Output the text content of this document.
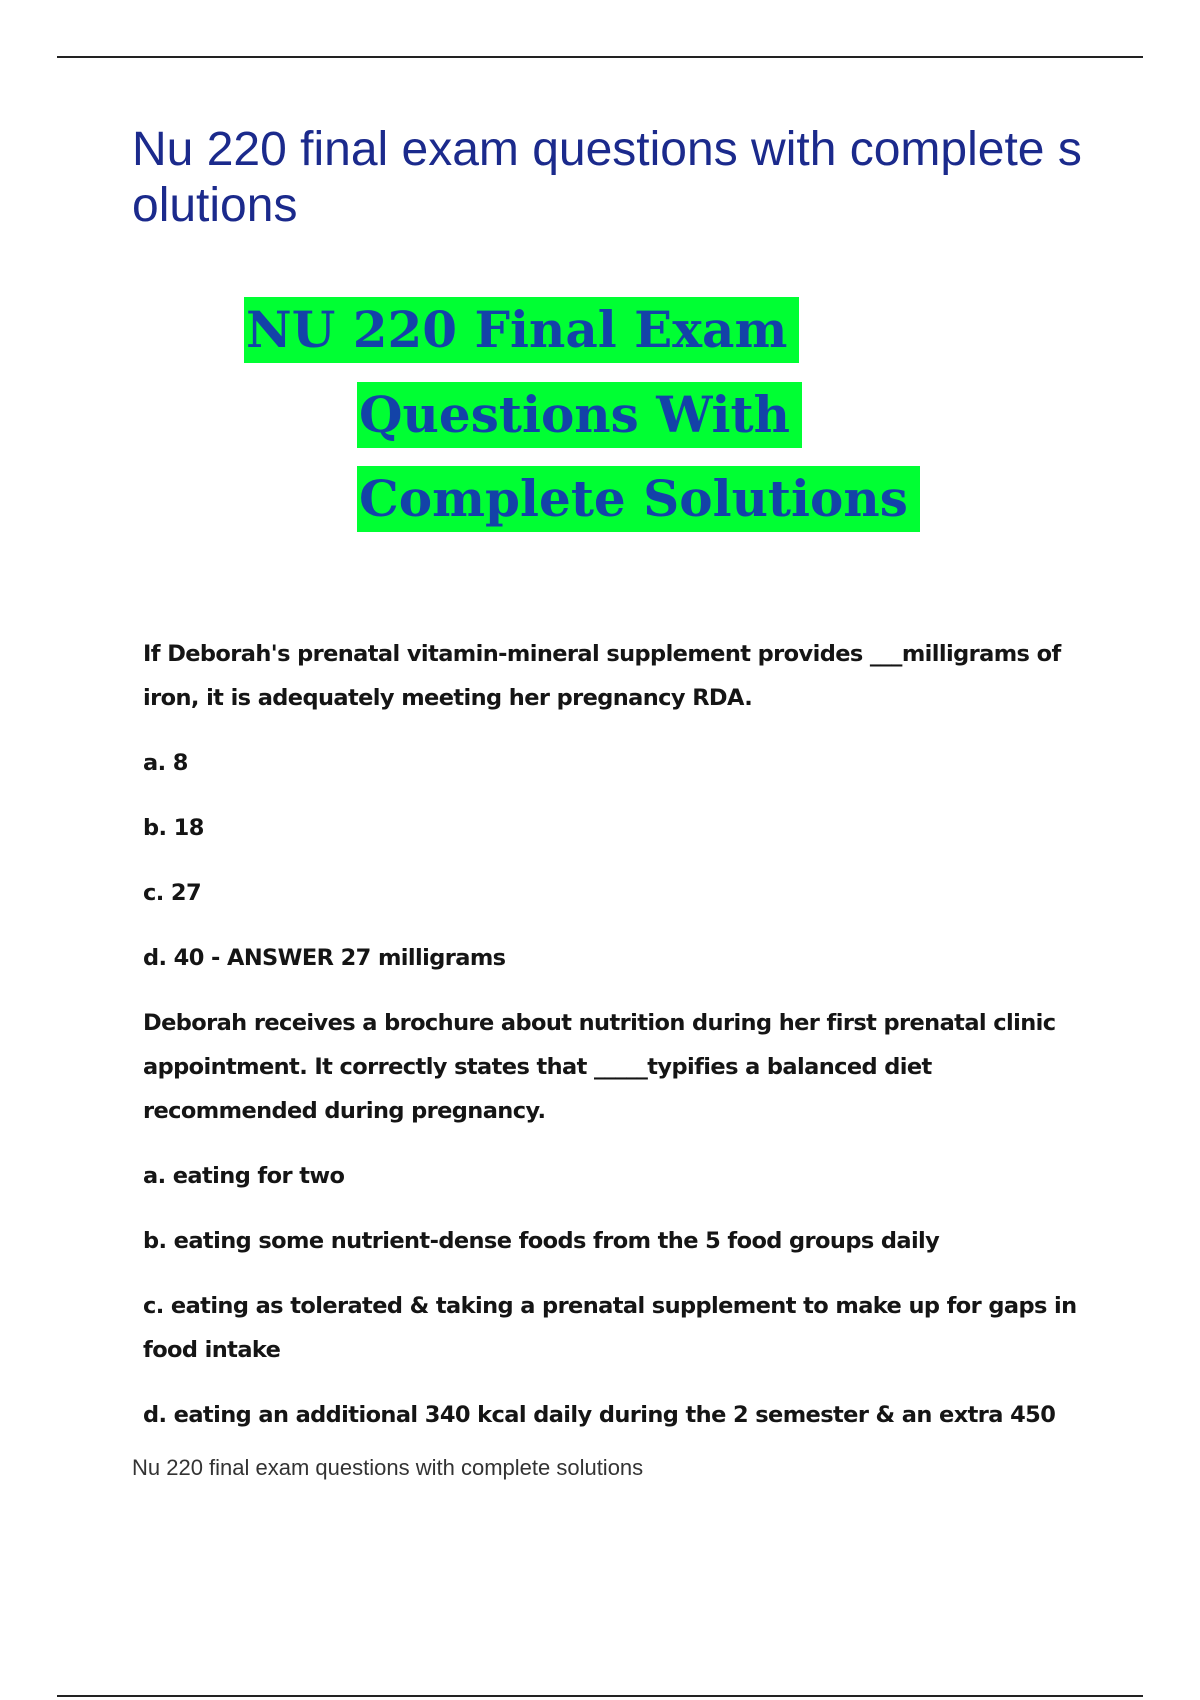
Nu 220 final exam questions with complete solutions
NU 220 Final Exam
Questions With
Complete Solutions

If Deborah's prenatal vitamin-mineral supplement provides ___milligrams of iron, it is adequately meeting her pregnancy RDA.

a. 8

b. 18

c. 27

d. 40 - ANSWER 27 milligrams

Deborah receives a brochure about nutrition during her first prenatal clinic appointment. It correctly states that _____typifies a balanced diet recommended during pregnancy.

a. eating for two

b. eating some nutrient-dense foods from the 5 food groups daily

c. eating as tolerated & taking a prenatal supplement to make up for gaps in food intake

d. eating an additional 340 kcal daily during the 2 semester & an extra 450

Nu 220 final exam questions with complete solutions
